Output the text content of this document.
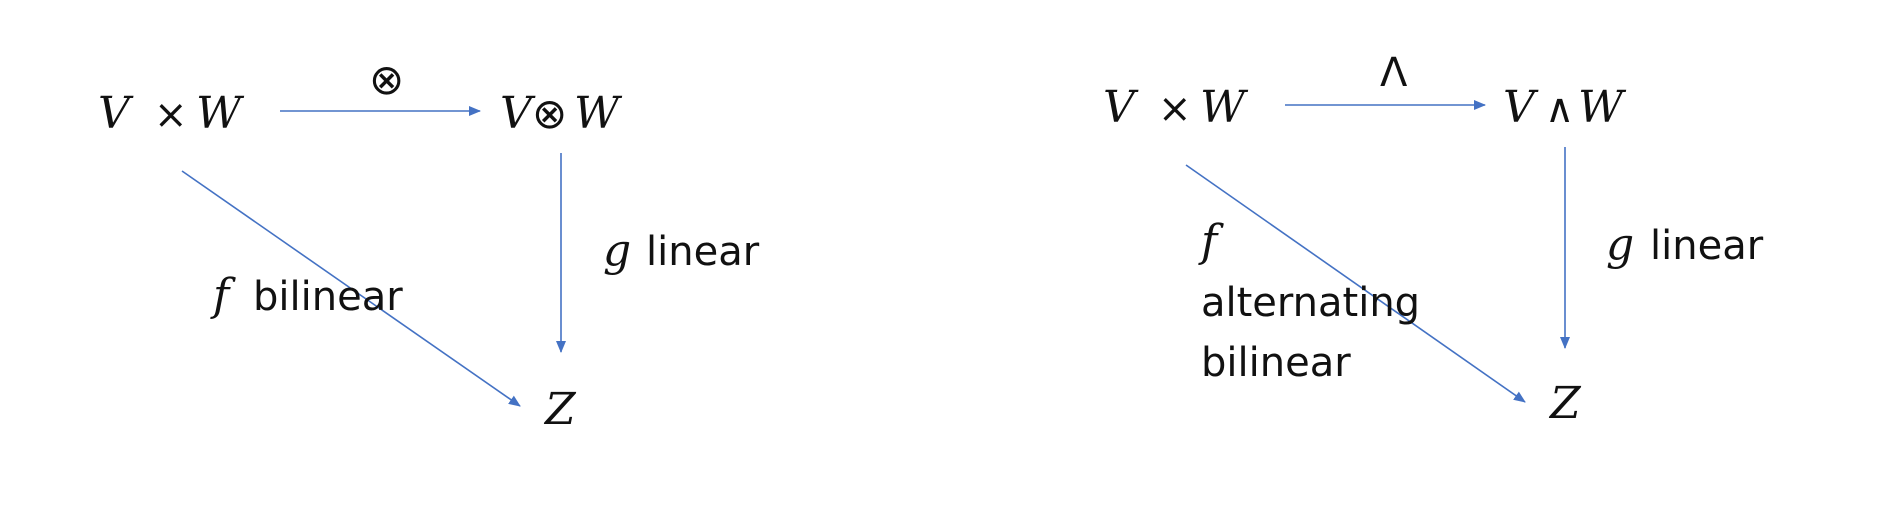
V × W
⊗
V ⊗ W
g linear
f bilinear
Z
V × W
Λ
V ∧ W
g linear
f
alternating
bilinear
Z
